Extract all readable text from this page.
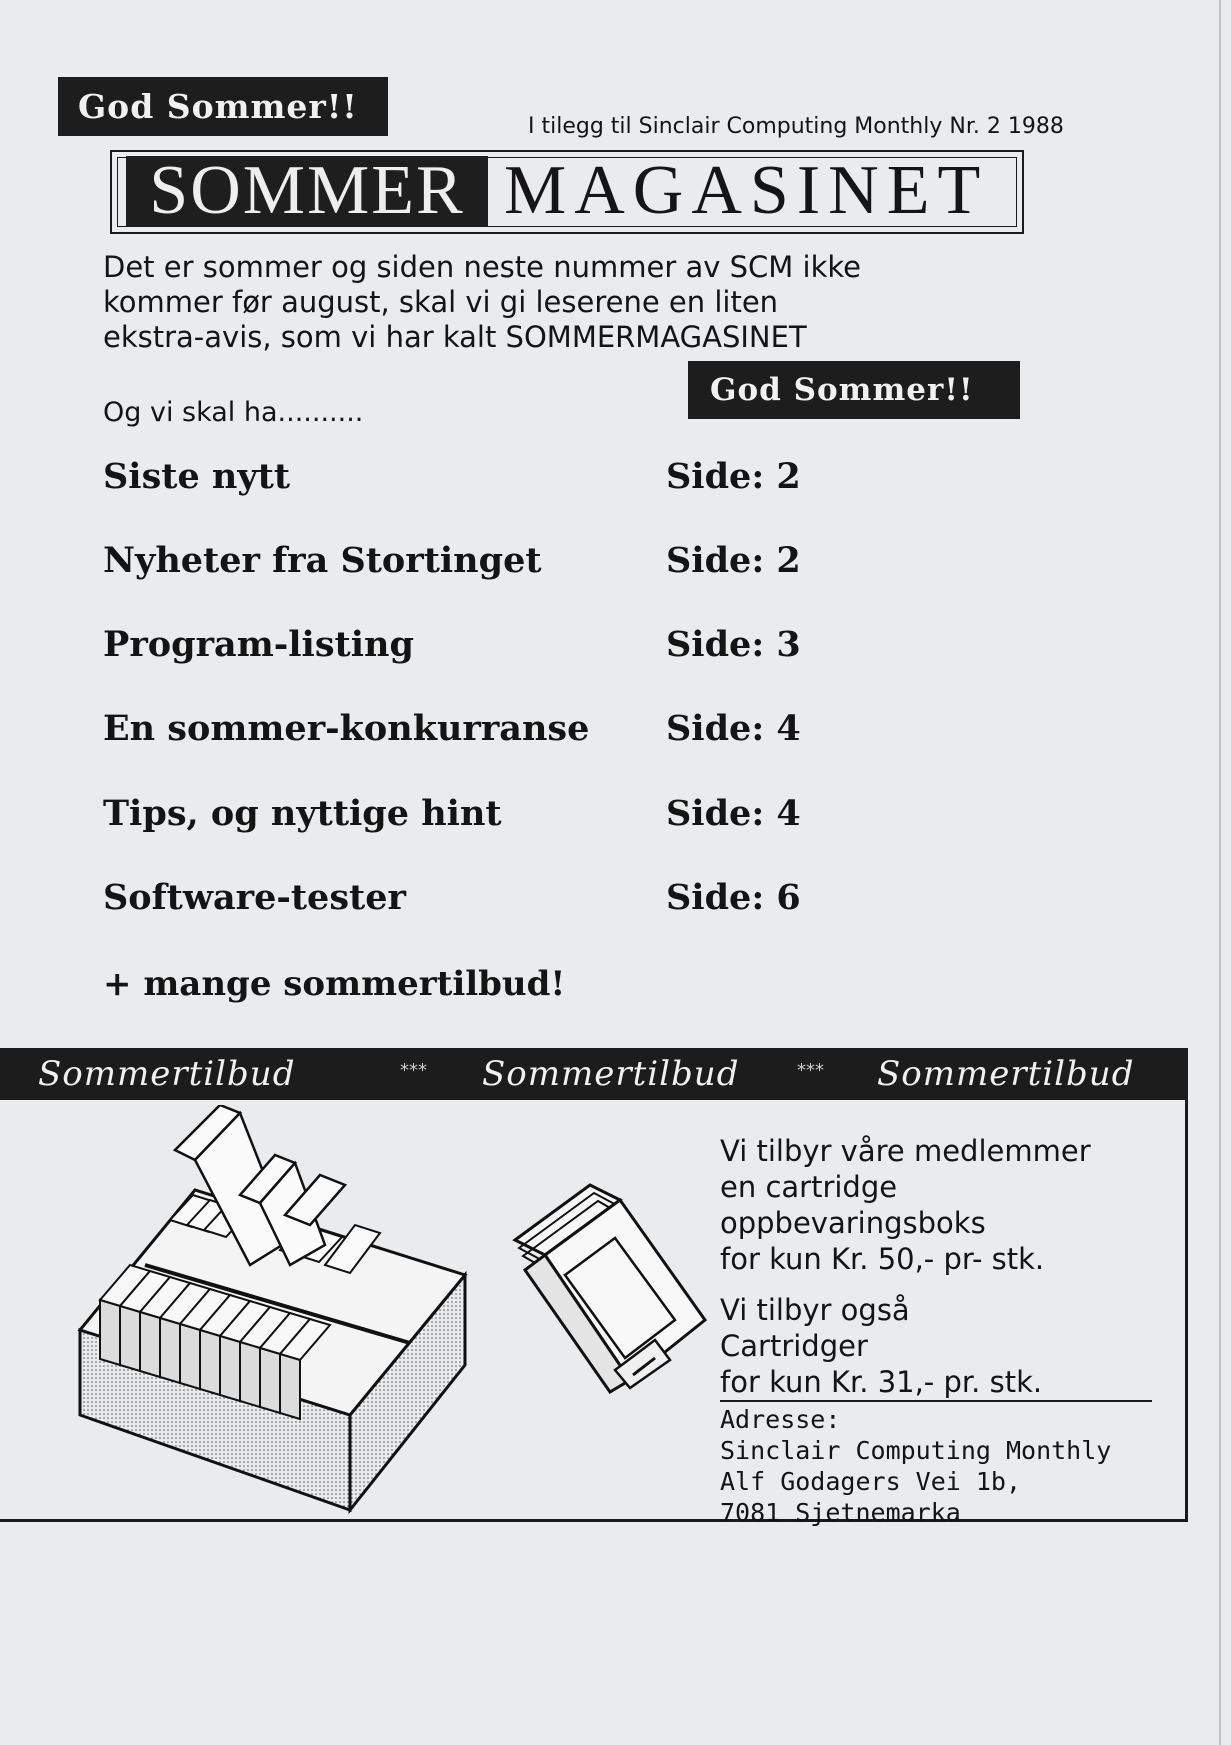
God Sommer!!
I tilegg til Sinclair Computing Monthly Nr. 2 1988
SOMMER MAGASINET
Det er sommer og siden neste nummer av SCM ikke
kommer før august, skal vi gi leserene en liten
ekstra-avis, som vi har kalt SOMMERMAGASINET
Og vi skal ha..........
God Sommer!!
Siste nytt	Side: 2
Nyheter fra Stortinget	Side: 2
Program-listing	Side: 3
En sommer-konkurranse Side: 4
Tips, og nyttige hint	Side: 4
Software-tester	Side: 6
+ mange sommertilbud!
Sommertilbud	*** Sommertilbud	*** Sommertilbud
Vi tilbyr våre medlemmer
en cartridge
oppbevaringsboks
for kun Kr. 50,- pr- stk.
Vi tilbyr også
Cartridger
for kun Kr. 31,- pr. stk.
Adresse:
Sinclair Computing Monthly
Alf Godagers Vei 1b,
7081 Sjetnemarka
